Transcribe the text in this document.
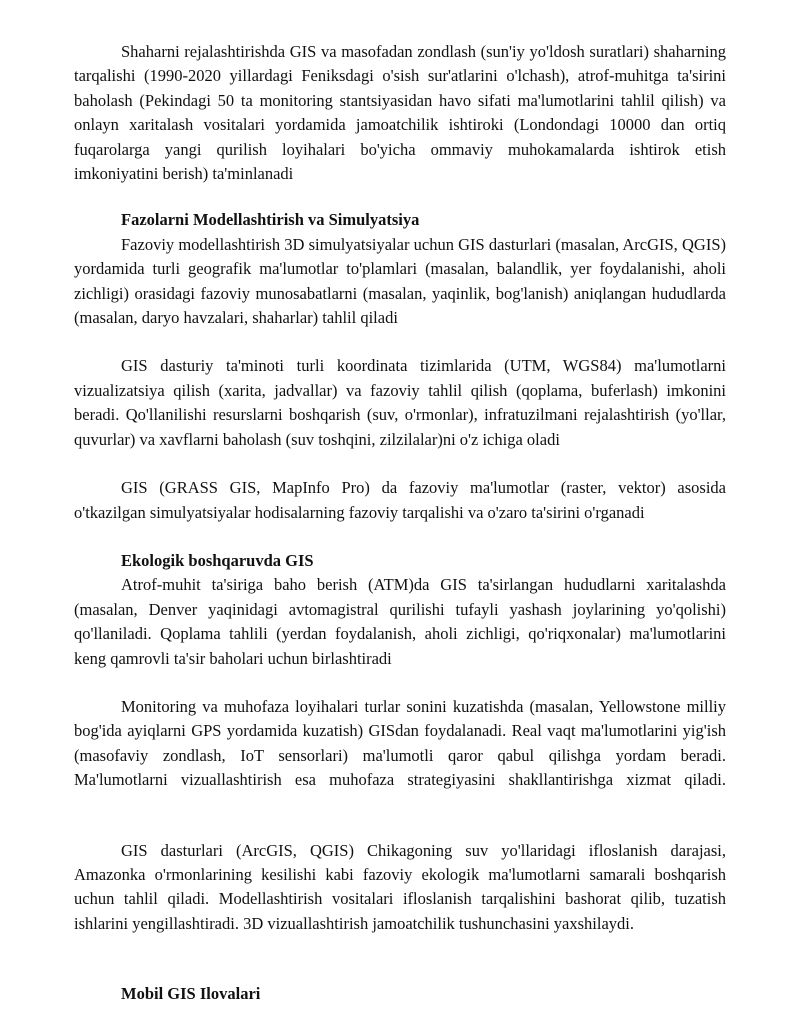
Shaharni rejalashtirishda GIS va masofadan zondlash (sun'iy yo'ldosh suratlari) shaharning tarqalishi (1990-2020 yillardagi Feniksdagi o'sish sur'atlarini o'lchash), atrof-muhitga ta'sirini baholash (Pekindagi 50 ta monitoring stantsiyasidan havo sifati ma'lumotlarini tahlil qilish) va onlayn xaritalash vositalari yordamida jamoatchilik ishtiroki (Londondagi 10000 dan ortiq fuqarolarga yangi qurilish loyihalari bo'yicha ommaviy muhokamalarda ishtirok etish imkoniyatini berish) ta'minlanadi

Fazolarni Modellashtirish va Simulyatsiya

Fazoviy modellashtirish 3D simulyatsiyalar uchun GIS dasturlari (masalan, ArcGIS, QGIS) yordamida turli geografik ma'lumotlar to'plamlari (masalan, balandlik, yer foydalanishi, aholi zichligi) orasidagi fazoviy munosabatlarni (masalan, yaqinlik, bog'lanish) aniqlangan hududlarda (masalan, daryo havzalari, shaharlar) tahlil qiladi

GIS dasturiy ta'minoti turli koordinata tizimlarida (UTM, WGS84) ma'lumotlarni vizualizatsiya qilish (xarita, jadvallar) va fazoviy tahlil qilish (qoplama, buferlash) imkonini beradi. Qo'llanilishi resurslarni boshqarish (suv, o'rmonlar), infratuzilmani rejalashtirish (yo'llar, quvurlar) va xavflarni baholash (suv toshqini, zilzilalar)ni o'z ichiga oladi

GIS (GRASS GIS, MapInfo Pro) da fazoviy ma'lumotlar (raster, vektor) asosida o'tkazilgan simulyatsiyalar hodisalarning fazoviy tarqalishi va o'zaro ta'sirini o'rganadi

Ekologik boshqaruvda GIS

Atrof-muhit ta'siriga baho berish (ATM)da GIS ta'sirlangan hududlarni xaritalashda (masalan, Denver yaqinidagi avtomagistral qurilishi tufayli yashash joylarining yo'qolishi) qo'llaniladi. Qoplama tahlili (yerdan foydalanish, aholi zichligi, qo'riqxonalar) ma'lumotlarini keng qamrovli ta'sir baholari uchun birlashtiradi

Monitoring va muhofaza loyihalari turlar sonini kuzatishda (masalan, Yellowstone milliy bog'ida ayiqlarni GPS yordamida kuzatish) GISdan foydalanadi. Real vaqt ma'lumotlarini yig'ish (masofaviy zondlash, IoT sensorlari) ma'lumotli qaror qabul qilishga yordam beradi. Ma'lumotlarni vizuallashtirish esa muhofaza strategiyasini shakllantirishga xizmat qiladi.

GIS dasturlari (ArcGIS, QGIS) Chikagoning suv yo'llaridagi ifloslanish darajasi, Amazonka o'rmonlarining kesilishi kabi fazoviy ekologik ma'lumotlarni samarali boshqarish uchun tahlil qiladi. Modellashtirish vositalari ifloslanish tarqalishini bashorat qilib, tuzatish ishlarini yengillashtiradi. 3D vizuallashtirish jamoatchilik tushunchasini yaxshilaydi.

Mobil GIS Ilovalari
